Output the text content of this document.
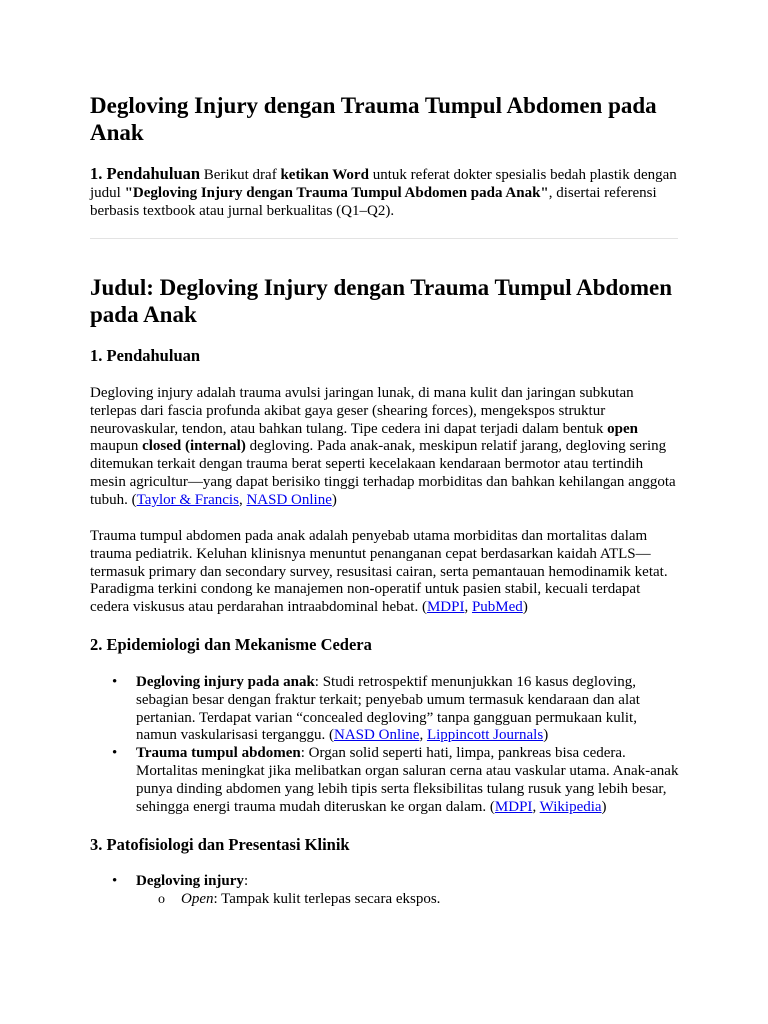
Degloving Injury dengan Trauma Tumpul Abdomen pada Anak

1. Pendahuluan Berikut draf ketikan Word untuk referat dokter spesialis bedah plastik dengan judul "Degloving Injury dengan Trauma Tumpul Abdomen pada Anak", disertai referensi berbasis textbook atau jurnal berkualitas (Q1–Q2).

Judul: Degloving Injury dengan Trauma Tumpul Abdomen pada Anak
1. Pendahuluan

Degloving injury adalah trauma avulsi jaringan lunak, di mana kulit dan jaringan subkutan terlepas dari fascia profunda akibat gaya geser (shearing forces), mengekspos struktur neurovaskular, tendon, atau bahkan tulang. Tipe cedera ini dapat terjadi dalam bentuk open maupun closed (internal) degloving. Pada anak-anak, meskipun relatif jarang, degloving sering ditemukan terkait dengan trauma berat seperti kecelakaan kendaraan bermotor atau tertindih mesin agricultur—yang dapat berisiko tinggi terhadap morbiditas dan bahkan kehilangan anggota tubuh. (Taylor & Francis, NASD Online)

Trauma tumpul abdomen pada anak adalah penyebab utama morbiditas dan mortalitas dalam trauma pediatrik. Keluhan klinisnya menuntut penanganan cepat berdasarkan kaidah ATLS—termasuk primary dan secondary survey, resusitasi cairan, serta pemantauan hemodinamik ketat. Paradigma terkini condong ke manajemen non-operatif untuk pasien stabil, kecuali terdapat cedera viskusus atau perdarahan intraabdominal hebat. (MDPI, PubMed)

2. Epidemiologi dan Mekanisme Cedera
• Degloving injury pada anak: Studi retrospektif menunjukkan 16 kasus degloving, sebagian besar dengan fraktur terkait; penyebab umum termasuk kendaraan dan alat pertanian. Terdapat varian “concealed degloving” tanpa gangguan permukaan kulit, namun vaskularisasi terganggu. (NASD Online, Lippincott Journals)
• Trauma tumpul abdomen: Organ solid seperti hati, limpa, pankreas bisa cedera. Mortalitas meningkat jika melibatkan organ saluran cerna atau vaskular utama. Anak-anak punya dinding abdomen yang lebih tipis serta fleksibilitas tulang rusuk yang lebih besar, sehingga energi trauma mudah diteruskan ke organ dalam. (MDPI, Wikipedia)
3. Patofisiologi dan Presentasi Klinik
• Degloving injury:
o Open: Tampak kulit terlepas secara ekspos.
